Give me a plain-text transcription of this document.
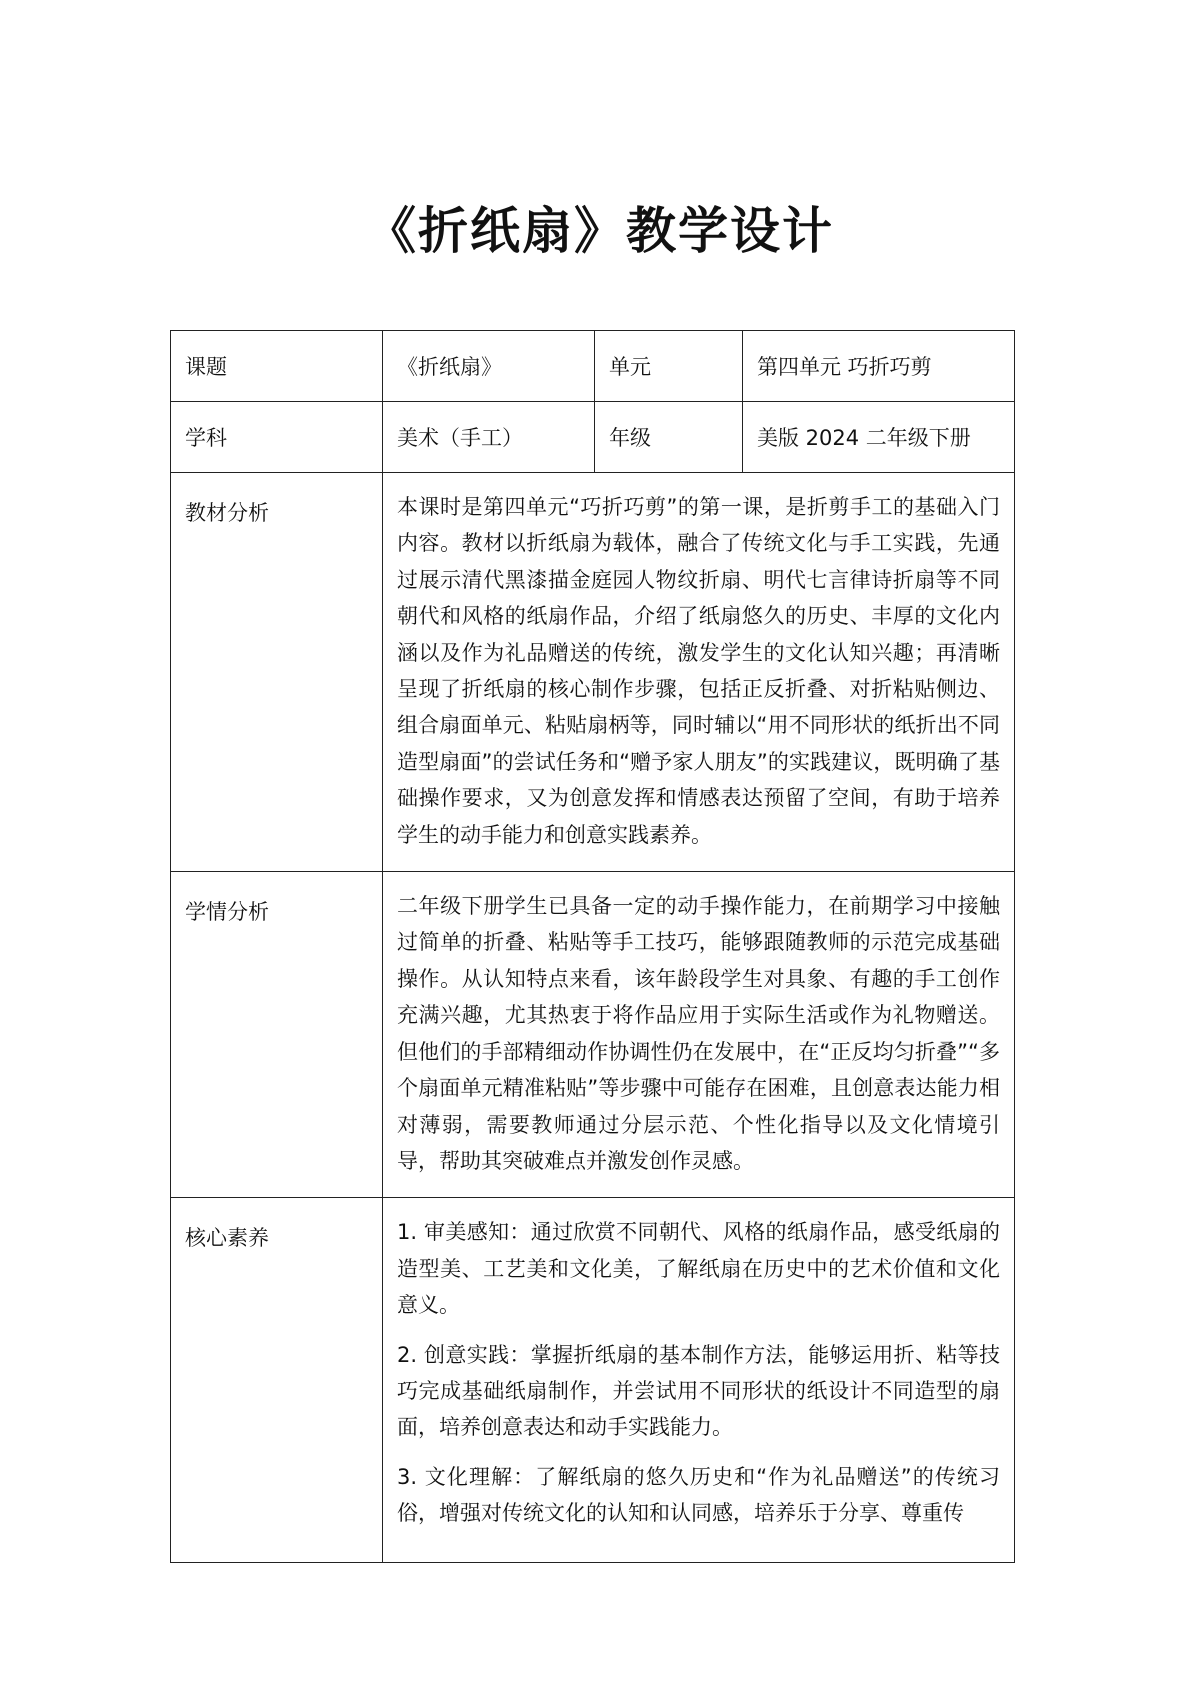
《折纸扇》教学设计
课题	《折纸扇》	单元	第四单元 巧折巧剪
学科	美术（手工）	年级	美版 2024 二年级下册
教材分析	本课时是第四单元“巧折巧剪”的第一课，是折剪手工的基础入门内容。教材以折纸扇为载体，融合了传统文化与手工实践，先通过展示清代黑漆描金庭园人物纹折扇、明代七言律诗折扇等不同朝代和风格的纸扇作品，介绍了纸扇悠久的历史、丰厚的文化内涵以及作为礼品赠送的传统，激发学生的文化认知兴趣；再清晰呈现了折纸扇的核心制作步骤，包括正反折叠、对折粘贴侧边、组合扇面单元、粘贴扇柄等，同时辅以“用不同形状的纸折出不同造型扇面”的尝试任务和“赠予家人朋友”的实践建议，既明确了基础操作要求，又为创意发挥和情感表达预留了空间，有助于培养学生的动手能力和创意实践素养。		

学情分析	二年级下册学生已具备一定的动手操作能力，在前期学习中接触过简单的折叠、粘贴等手工技巧，能够跟随教师的示范完成基础操作。从认知特点来看，该年龄段学生对具象、有趣的手工创作充满兴趣，尤其热衷于将作品应用于实际生活或作为礼物赠送。但他们的手部精细动作协调性仍在发展中，在“正反均匀折叠”“多个扇面单元精准粘贴”等步骤中可能存在困难，且创意表达能力相对薄弱，需要教师通过分层示范、个性化指导以及文化情境引导，帮助其突破难点并激发创作灵感。		

核心素养	1. 审美感知：通过欣赏不同朝代、风格的纸扇作品，感受纸扇的造型美、工艺美和文化美，了解纸扇在历史中的艺术价值和文化意义。

2. 创意实践：掌握折纸扇的基本制作方法，能够运用折、粘等技巧完成基础纸扇制作，并尝试用不同形状的纸设计不同造型的扇面，培养创意表达和动手实践能力。

3. 文化理解：了解纸扇的悠久历史和“作为礼品赠送”的传统习俗，增强对传统文化的认知和认同感，培养乐于分享、尊重传		
